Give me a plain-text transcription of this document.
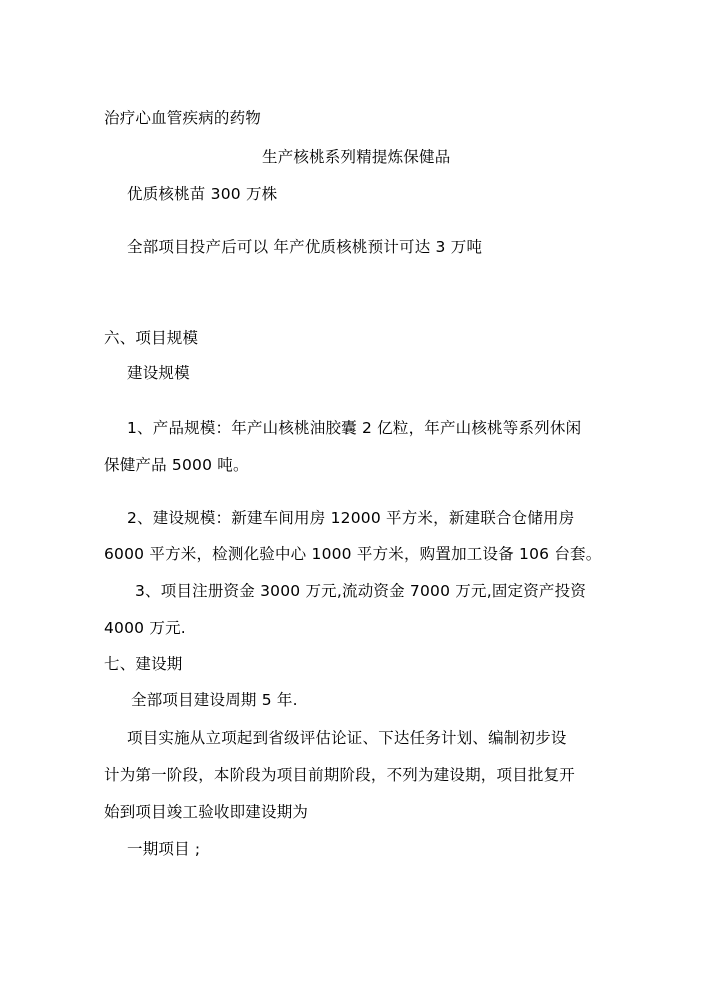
治疗心血管疾病的药物
生产核桃系列精提炼保健品
优质核桃苗 300 万株
全部项目投产后可以 年产优质核桃预计可达 3 万吨
六、项目规模
建设规模
1、产品规模：年产山核桃油胶囊 2 亿粒，年产山核桃等系列休闲
保健产品 5000 吨。
2、建设规模：新建车间用房 12000 平方米，新建联合仓储用房
6000 平方米，检测化验中心 1000 平方米，购置加工设备 106 台套。
3、项目注册资金 3000 万元,流动资金 7000 万元,固定资产投资
4000 万元.
七、建设期
全部项目建设周期 5 年.
项目实施从立项起到省级评估论证、下达任务计划、编制初步设
计为第一阶段，本阶段为项目前期阶段，不列为建设期，项目批复开
始到项目竣工验收即建设期为
一期项目 ;
